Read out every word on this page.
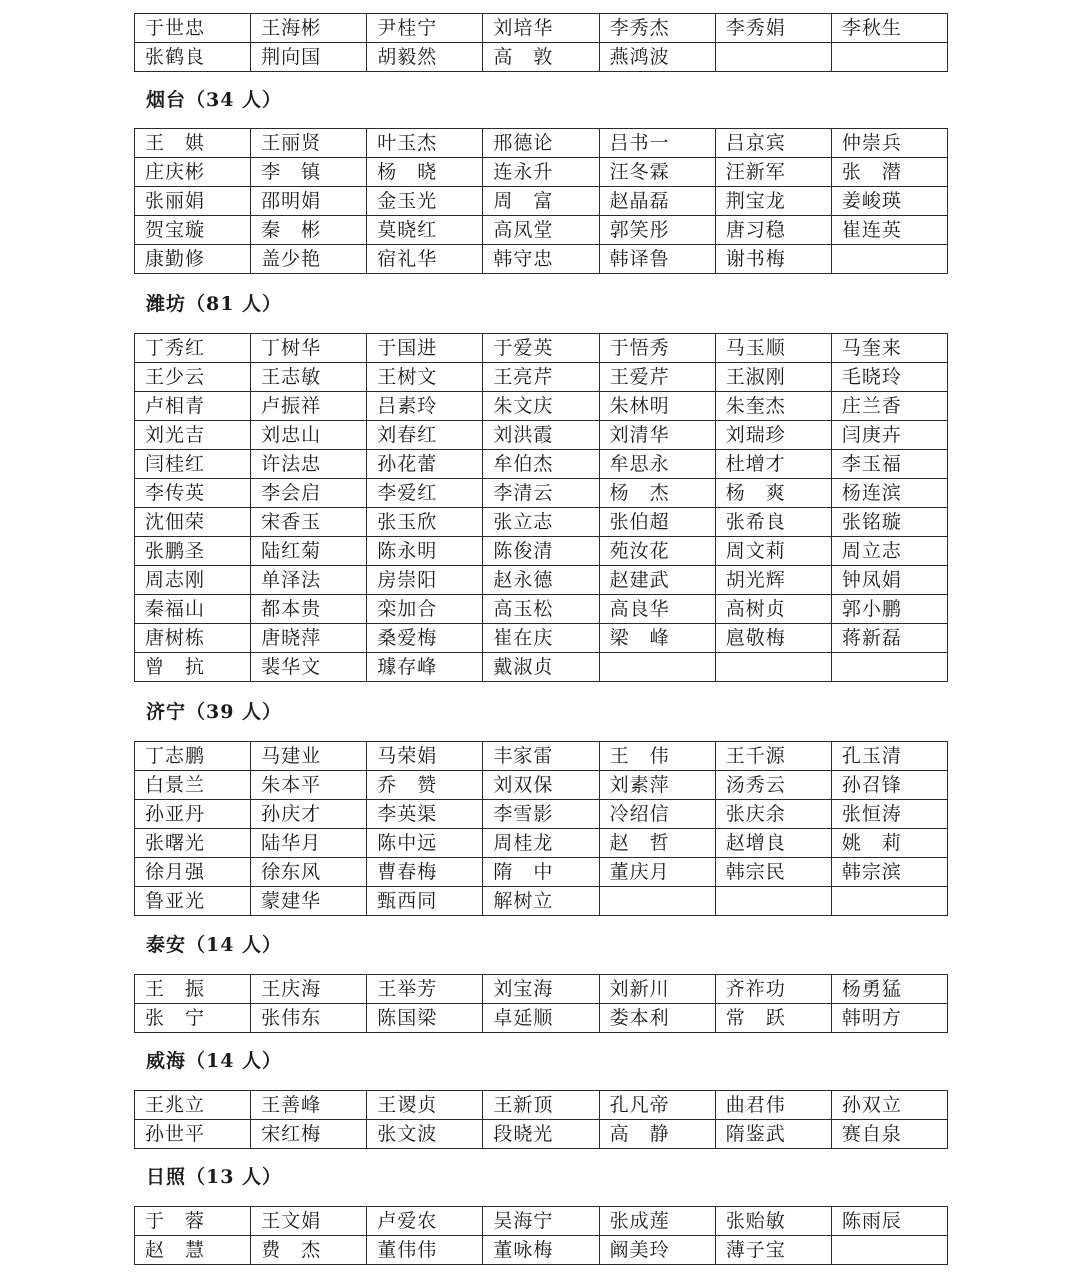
于世忠	王海彬	尹桂宁	刘培华	李秀杰	李秀娟	李秋生
张鹤良	荆向国	胡毅然	高　敦	燕鸿波		
烟台（34 人）
王　娸	王丽贤	叶玉杰	邢德论	吕书一	吕京宾	仲崇兵
庄庆彬	李　镇	杨　晓	连永升	汪冬霖	汪新军	张　潜
张丽娟	邵明娟	金玉光	周　富	赵晶磊	荆宝龙	姜峻瑛
贺宝璇	秦　彬	莫晓红	高凤堂	郭笑彤	唐习稳	崔连英
康勤修	盖少艳	宿礼华	韩守忠	韩译鲁	谢书梅	
潍坊（81 人）
丁秀红	丁树华	于国进	于爱英	于悟秀	马玉顺	马奎来
王少云	王志敏	王树文	王亮芹	王爱芹	王淑刚	毛晓玲
卢相青	卢振祥	吕素玲	朱文庆	朱林明	朱奎杰	庄兰香
刘光吉	刘忠山	刘春红	刘洪霞	刘清华	刘瑞珍	闫庚卉
闫桂红	许法忠	孙花蕾	牟伯杰	牟思永	杜增才	李玉福
李传英	李会启	李爱红	李清云	杨　杰	杨　爽	杨连滨
沈佃荣	宋香玉	张玉欣	张立志	张伯超	张希良	张铭璇
张鹏圣	陆红菊	陈永明	陈俊清	苑汝花	周文莉	周立志
周志刚	单泽法	房崇阳	赵永德	赵建武	胡光辉	钟凤娟
秦福山	都本贵	栾加合	高玉松	高良华	高树贞	郭小鹏
唐树栋	唐晓萍	桑爱梅	崔在庆	梁　峰	扈敬梅	蒋新磊
曾　抗	裴华文	璩存峰	戴淑贞			
济宁（39 人）
丁志鹏	马建业	马荣娟	丰家雷	王　伟	王千源	孔玉清
白景兰	朱本平	乔　赞	刘双保	刘素萍	汤秀云	孙召锋
孙亚丹	孙庆才	李英渠	李雪影	冷绍信	张庆余	张恒涛
张曙光	陆华月	陈中远	周桂龙	赵　哲	赵增良	姚　莉
徐月强	徐东风	曹春梅	隋　中	董庆月	韩宗民	韩宗滨
鲁亚光	蒙建华	甄西同	解树立			
泰安（14 人）
王　振	王庆海	王举芳	刘宝海	刘新川	齐祚功	杨勇猛
张　宁	张伟东	陈国梁	卓延顺	娄本利	常　跃	韩明方
威海（14 人）
王兆立	王善峰	王谡贞	王新顶	孔凡帝	曲君伟	孙双立
孙世平	宋红梅	张文波	段晓光	高　静	隋鉴武	赛自泉
日照（13 人）
于　蓉	王文娟	卢爱农	吴海宁	张成莲	张贻敏	陈雨辰
赵　慧	费　杰	董伟伟	董咏梅	阚美玲	薄子宝	
